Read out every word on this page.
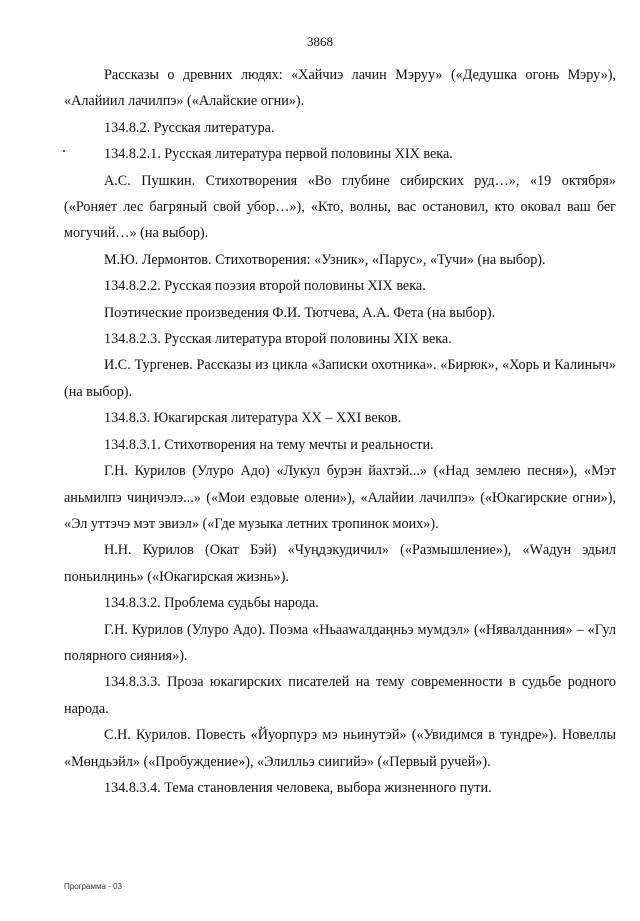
3868

Рассказы о древних людях: «Хайчиэ лачин Мэруу» («Дедушка огонь Мэру»), «Алайиил лачилпэ» («Алайские огни»).

134.8.2. Русская литература.

134.8.2.1. Русская литература первой половины XIX века.

А.С. Пушкин. Стихотворения «Во глубине сибирских руд…», «19 октября» («Роняет лес багряный свой убор…»), «Кто, волны, вас остановил, кто оковал ваш бег могучий…» (на выбор).

М.Ю. Лермонтов. Стихотворения: «Узник», «Парус», «Тучи» (на выбор).

134.8.2.2. Русская поэзия второй половины XIX века.

Поэтические произведения Ф.И. Тютчева, А.А. Фета (на выбор).

134.8.2.3. Русская литература второй половины XIX века.

И.С. Тургенев. Рассказы из цикла «Записки охотника». «Бирюк», «Хорь и Калиныч» (на выбор).

134.8.3. Юкагирская литература XX – XXI веков.

134.8.3.1. Стихотворения на тему мечты и реальности.

Г.Н. Курилов (Улуро Адо) «Лукул бурэн йахтэй...» («Над землею песня»), «Мэт аньмилпэ чиңичэлэ...» («Мои ездовые олени»), «Алайии лачилпэ» («Юкагирские огни»), «Эл уттэчэ мэт эвиэл» («Где музыка летних тропинок моих»).

Н.Н. Курилов (Окат Бэй) «Чуңдэкудичил» («Размышление»), «Wадун эдьил поньилңинь» («Юкагирская жизнь»).

134.8.3.2. Проблема судьбы народа.

Г.Н. Курилов (Улуро Адо). Поэма «Ньааwалдаңньэ мумдэл» («Нявалданния» – «Гул полярного сияния»).

134.8.3.3. Проза юкагирских писателей на тему современности в судьбе родного народа.

С.Н. Курилов. Повесть «Йуорпурэ мэ ньинутэй» («Увидимся в тундре»). Новеллы «Мөндьэйл» («Пробуждение»), «Элилльэ сиигийэ» («Первый ручей»).

134.8.3.4. Тема становления человека, выбора жизненного пути.

Программа - 03
